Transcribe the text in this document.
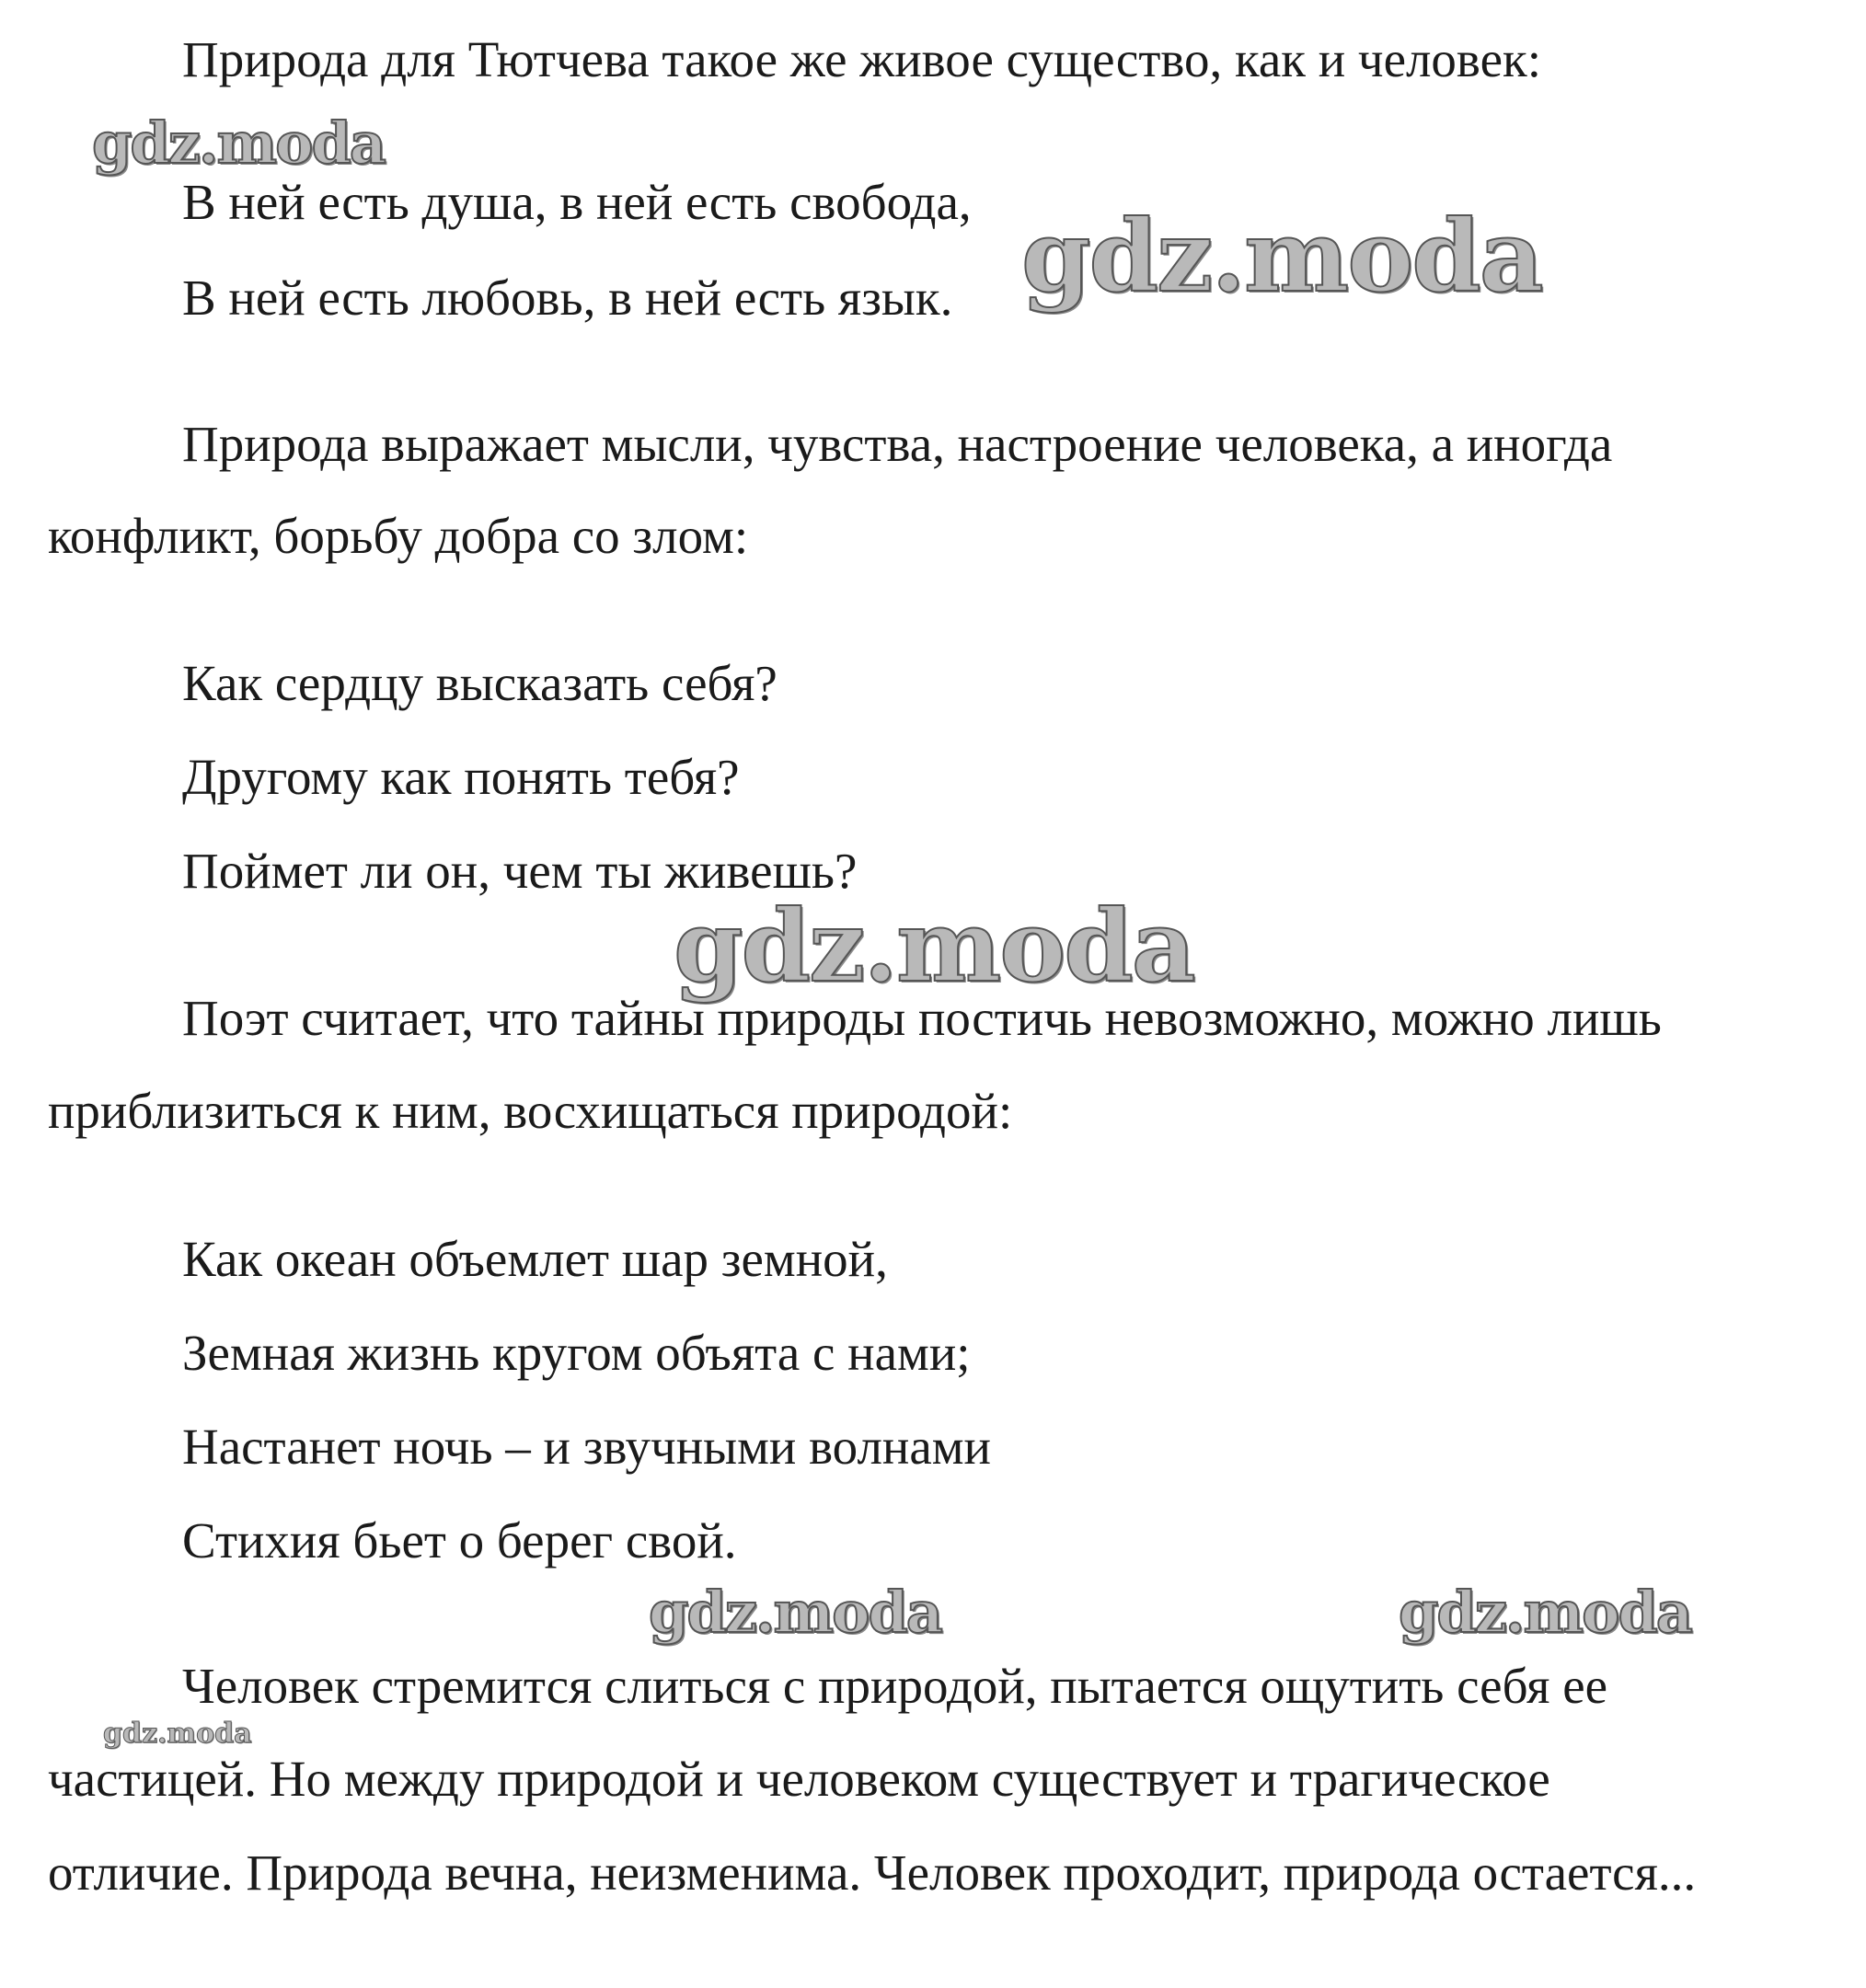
Природа для Тютчева такое же живое существо, как и человек:

В ней есть душа, в ней есть свобода,

В ней есть любовь, в ней есть язык.

Природа выражает мысли, чувства, настроение человека, а иногда

конфликт, борьбу добра со злом:

Как сердцу высказать себя?

Другому как понять тебя?

Поймет ли он, чем ты живешь?

Поэт считает, что тайны природы постичь невозможно, можно лишь

приблизиться к ним, восхищаться природой:

Как океан объемлет шар земной,

Земная жизнь кругом объята с нами;

Настанет ночь – и звучными волнами

Стихия бьет о берег свой.

Человек стремится слиться с природой, пытается ощутить себя ее

частицей. Но между природой и человеком существует и трагическое

отличие. Природа вечна, неизменима. Человек проходит, природа остается...

gdz.moda
gdz.moda
gdz.moda
gdz.moda	gdz.moda
gdz.moda
